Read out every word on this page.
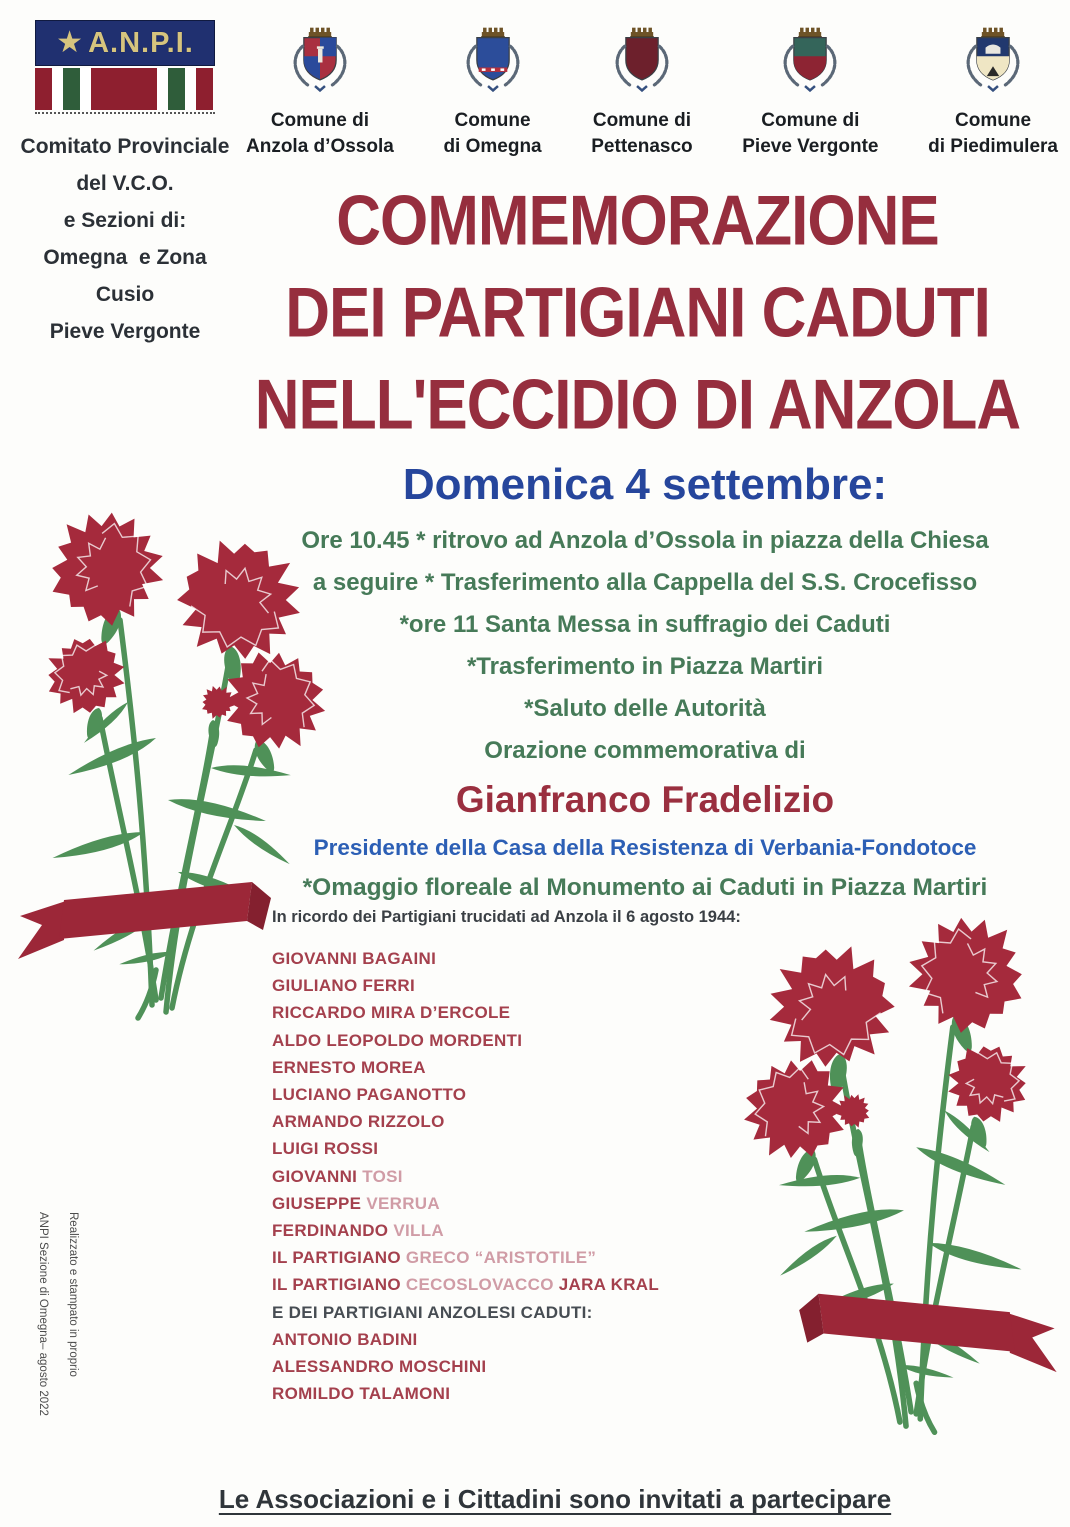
★ A.N.P.I.
Comitato Provinciale
del V.C.O.
e Sezioni di:
Omegna  e Zona Cusio
Pieve Vergonte
Comune di
Anzola d’Ossola
Comune
di Omegna
Comune di
Pettenasco
Comune di
Pieve Vergonte
Comune
di Piedimulera
COMMEMORAZIONE
DEI PARTIGIANI CADUTI
NELL'ECCIDIO DI ANZOLA
Domenica 4 settembre:
Ore 10.45 * ritrovo ad Anzola d’Ossola in piazza della Chiesa
a seguire * Trasferimento alla Cappella del S.S. Crocefisso
*ore 11 Santa Messa in suffragio dei Caduti
*Trasferimento in Piazza Martiri
*Saluto delle Autorità
Orazione commemorativa di
Gianfranco Fradelizio
Presidente della Casa della Resistenza di Verbania-Fondotoce
*Omaggio floreale al Monumento ai Caduti in Piazza Martiri
In ricordo dei Partigiani trucidati ad Anzola il 6 agosto 1944:
GIOVANNI BAGAINI
GIULIANO FERRI
RICCARDO MIRA D’ERCOLE
ALDO LEOPOLDO MORDENTI
ERNESTO MOREA
LUCIANO PAGANOTTO
ARMANDO RIZZOLO
LUIGI ROSSI
GIOVANNI TOSI
GIUSEPPE VERRUA
FERDINANDO VILLA
IL PARTIGIANO GRECO “ARISTOTILE”
IL PARTIGIANO CECOSLOVACCO JARA KRAL
E DEI PARTIGIANI ANZOLESI CADUTI:
ANTONIO BADINI
ALESSANDRO MOSCHINI
ROMILDO TALAMONI
Realizzato e stampato in proprio
ANPI Sezione di Omegna– agosto 2022
Le Associazioni e i Cittadini sono invitati a partecipare
